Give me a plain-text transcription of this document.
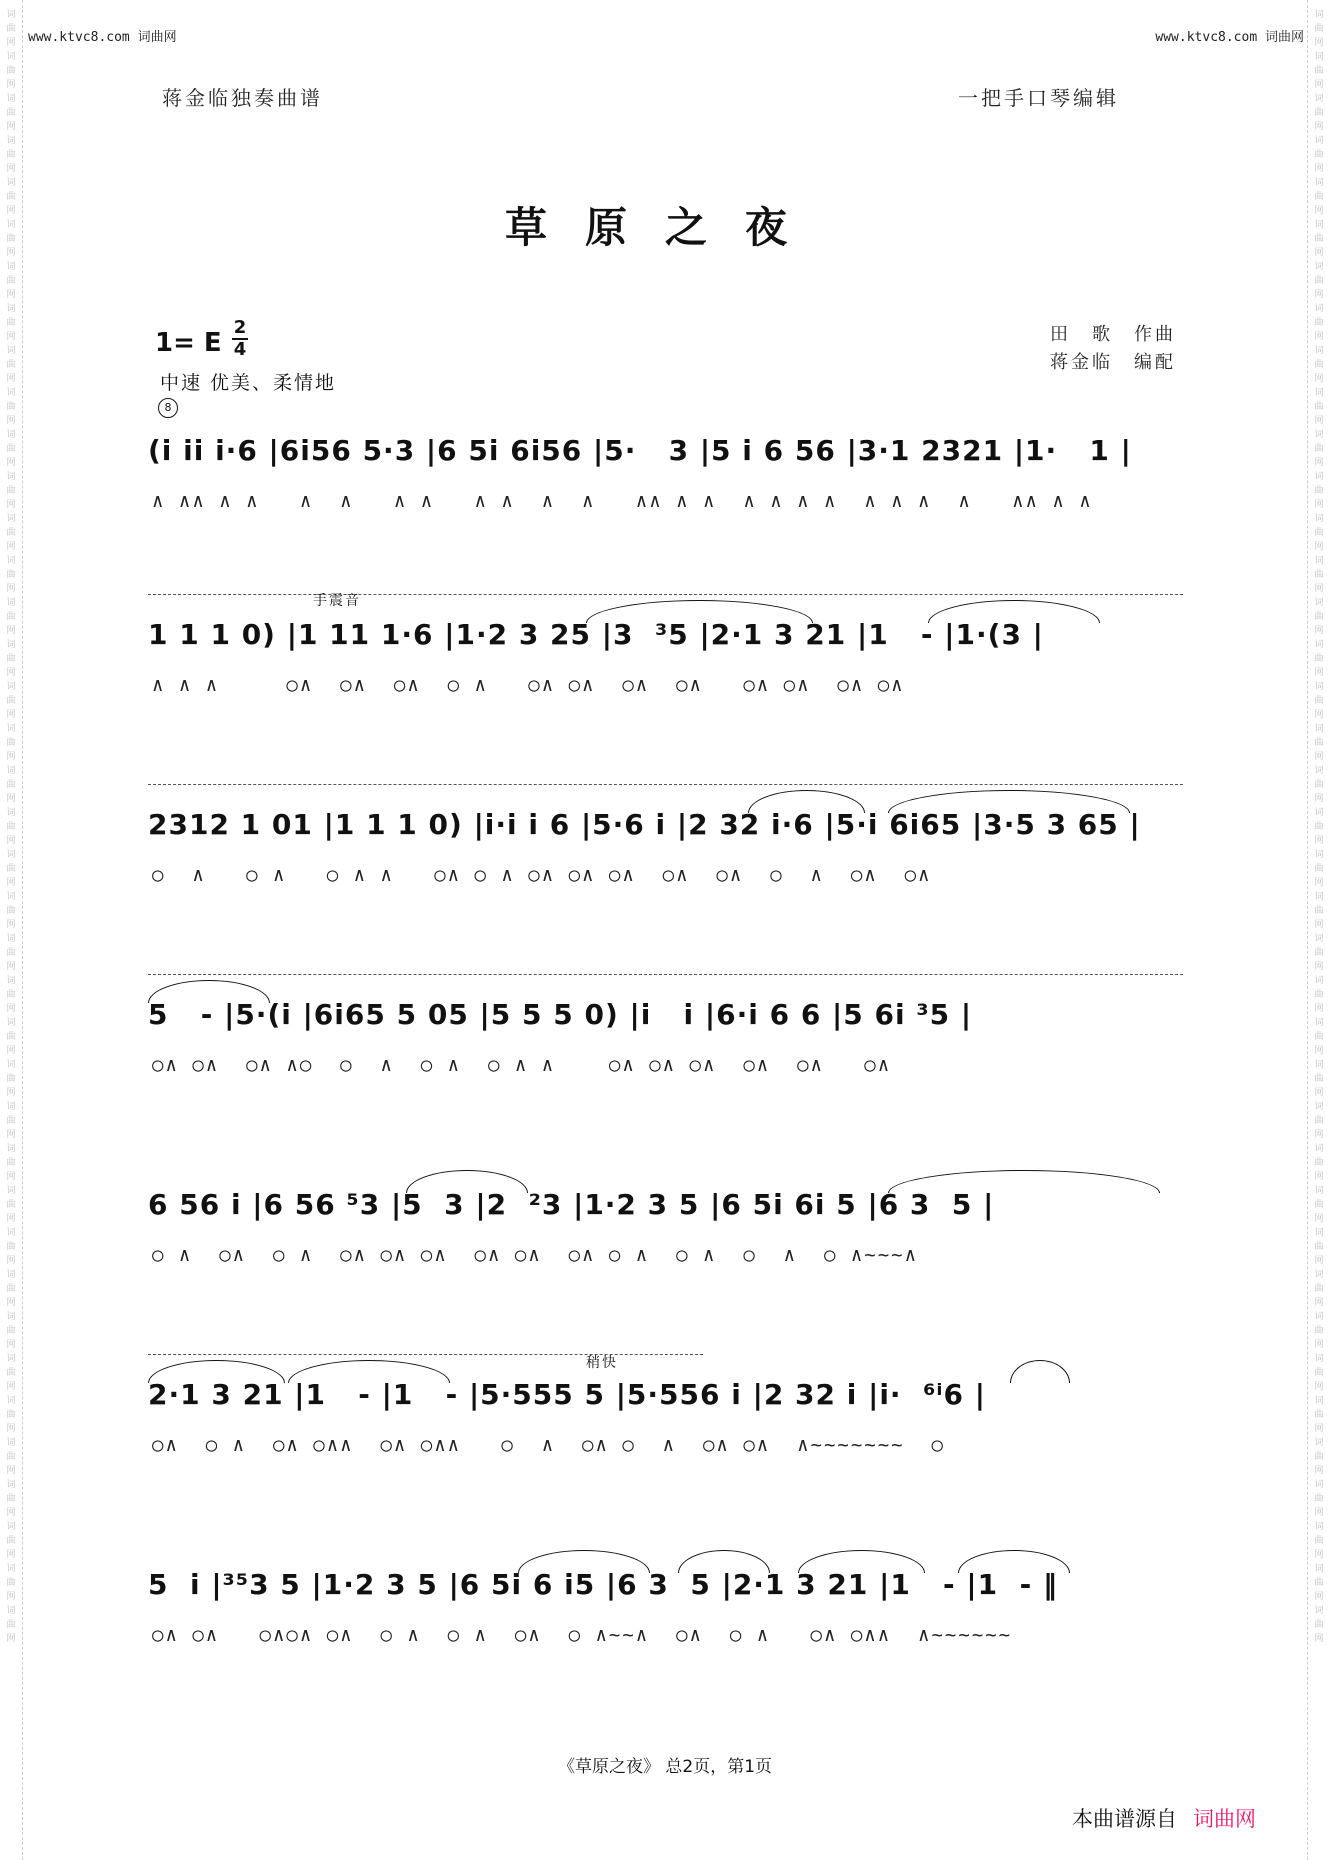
词曲网词曲网词曲网词曲网词曲网词曲网词曲网词曲网词曲网词曲网词曲网词曲网词曲网词曲网词曲网词曲网词曲网词曲网词曲网词曲网词曲网词曲网词曲网词曲网词曲网词曲网词曲网词曲网词曲网词曲网词曲网词曲网词曲网词曲网词曲网词曲网词曲网词曲网词曲网
词曲网词曲网词曲网词曲网词曲网词曲网词曲网词曲网词曲网词曲网词曲网词曲网词曲网词曲网词曲网词曲网词曲网词曲网词曲网词曲网词曲网词曲网词曲网词曲网词曲网词曲网词曲网词曲网词曲网词曲网词曲网词曲网词曲网词曲网词曲网词曲网词曲网词曲网词曲网
www.ktvc8.com 词曲网	www.ktvc8.com 词曲网
蒋金临独奏曲谱	一把手口琴编辑
草原之夜
1= E
2
4
中速 优美、柔情地
田　歌　作曲
蒋金临　编配
8
(i ii i·6 |6i56 5·3 |6 5i 6i56 |5·   3 |5 i 6 56 |3·1 2321 |1·   1 |
∧ ∧∧ ∧ ∧   ∧  ∧   ∧ ∧   ∧ ∧  ∧  ∧   ∧∧ ∧ ∧  ∧ ∧ ∧ ∧  ∧ ∧ ∧  ∧   ∧∧ ∧ ∧
手震音
1 1 1 0) |1 11 1·6 |1·2 3 25 |3  ³5 |2·1 3 21 |1   - |1·(3 |
∧ ∧ ∧     ○∧  ○∧  ○∧  ○ ∧   ○∧ ○∧  ○∧  ○∧   ○∧ ○∧  ○∧ ○∧
2312 1 01 |1 1 1 0) |i·i i 6 |5·6 i |2 32 i·6 |5·i 6i65 |3·5 3 65 |
○  ∧   ○ ∧   ○ ∧ ∧   ○∧ ○ ∧ ○∧ ○∧ ○∧  ○∧  ○∧  ○  ∧  ○∧  ○∧
5   - |5·(i |6i65 5 05 |5 5 5 0) |i   i |6·i 6 6 |5 6i ³5 |
○∧ ○∧  ○∧ ∧○  ○  ∧  ○ ∧  ○ ∧ ∧    ○∧ ○∧ ○∧  ○∧  ○∧   ○∧
6 56 i |6 56 ⁵3 |5  3 |2  ²3 |1·2 3 5 |6 5i 6i 5 |6 3  5 |
○ ∧  ○∧  ○ ∧  ○∧ ○∧ ○∧  ○∧ ○∧  ○∧ ○ ∧  ○ ∧  ○  ∧  ○ ∧~~~∧
稍快
2·1 3 21 |1   - |1   - |5·555 5 |5·556 i |2 32 i |i·  ⁶ⁱ6 |
○∧  ○ ∧  ○∧ ○∧∧  ○∧ ○∧∧   ○  ∧  ○∧ ○  ∧  ○∧ ○∧  ∧~~~~~~~  ○
5  i |³⁵3 5 |1·2 3 5 |6 5i 6 i5 |6 3  5 |2·1 3 21 |1   - |1  - ‖
○∧ ○∧   ○∧○∧ ○∧  ○ ∧  ○ ∧  ○∧  ○ ∧~~∧  ○∧  ○ ∧   ○∧ ○∧∧  ∧~~~~~~
《草原之夜》 总2页，第1页
本曲谱源自 词曲网
